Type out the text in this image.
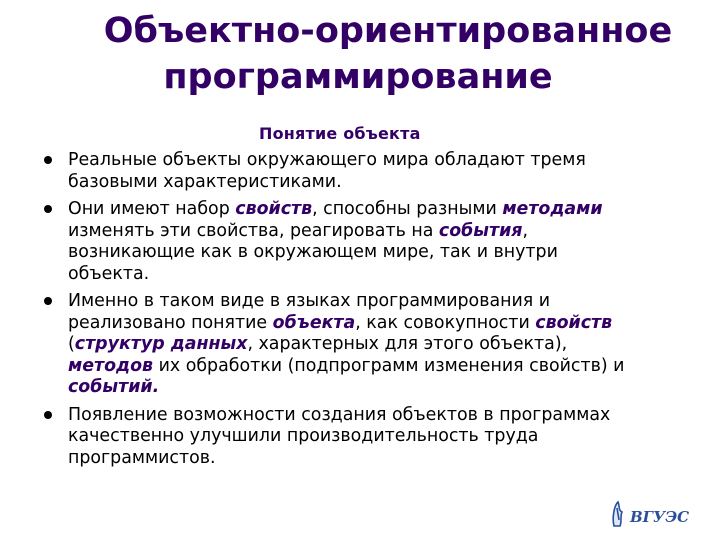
Объектно-ориентированное
программирование
Понятие объекта
Реальные объекты окружающего мира обладают тремя базовыми характеристиками.
Они имеют набор свойств, способны разными методами изменять эти свойства, реагировать на события, возникающие как в окружающем мире, так и внутри объекта.
Именно в таком виде в языках программирования и реализовано понятие объекта, как совокупности свойств (структур данных, характерных для этого объекта), методов их обработки (подпрограмм изменения свойств) и событий.
Появление возможности создания объектов в программах качественно улучшили производительность труда программистов.
ВГУЭС
